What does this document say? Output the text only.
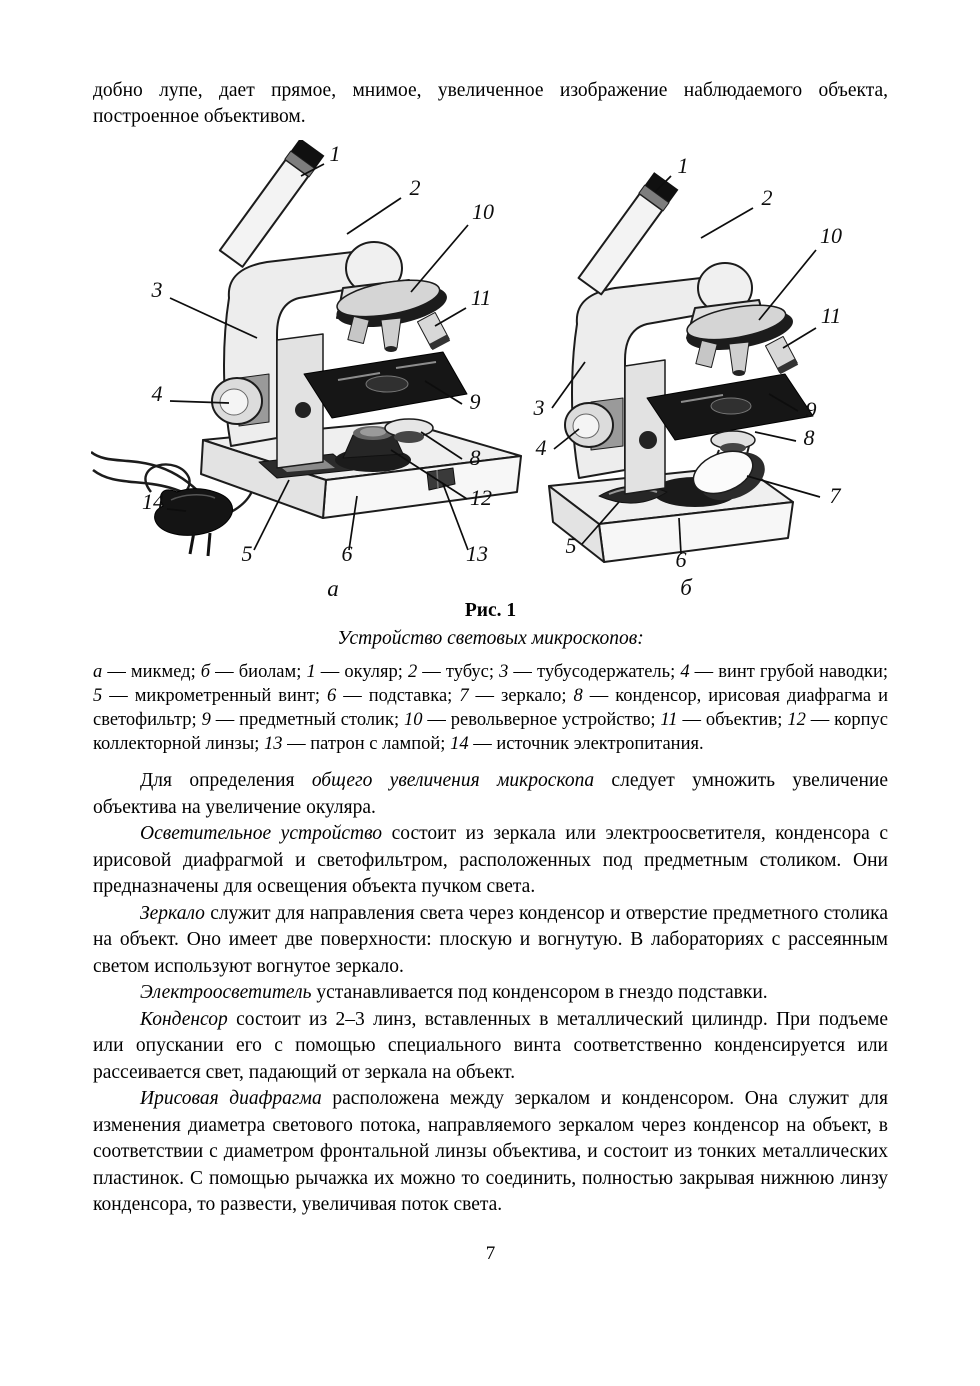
добно лупе, дает прямое, мнимое, увеличенное изображение наблюдаемого объекта, построенное объективом.

1
2
10
11
3
4	9
8
12
13
14
5	6
а
1
2
10
11
3
4
9
8
7
5
6
б

Рис. 1

Устройство световых микроскопов:

а — микмед; б — биолам; 1 — окуляр; 2 — тубус; 3 — тубусодержатель; 4 — винт грубой наводки; 5 — микрометренный винт; 6 — подставка; 7 — зеркало; 8 — конденсор, ирисовая диафрагма и светофильтр; 9 — предметный столик; 10 — револьверное устройство; 11 — объектив; 12 — корпус коллекторной линзы; 13 — патрон с лампой; 14 — источник электропитания.

Для определения общего увеличения микроскопа следует умножить увеличение объектива на увеличение окуляра.

Осветительное устройство состоит из зеркала или электроосветителя, конденсора с ирисовой диафрагмой и светофильтром, расположенных под предметным столиком. Они предназначены для освещения объекта пучком света.

Зеркало служит для направления света через конденсор и отверстие предметного столика на объект. Оно имеет две поверхности: плоскую и вогнутую. В лабораториях с рассеянным светом используют вогнутое зеркало.

Электроосветитель устанавливается под конденсором в гнездо подставки.

Конденсор состоит из 2–3 линз, вставленных в металлический цилиндр. При подъеме или опускании его с помощью специального винта соответственно конденсируется или рассеивается свет, падающий от зеркала на объект.

Ирисовая диафрагма расположена между зеркалом и конденсором. Она служит для изменения диаметра светового потока, направляемого зеркалом через конденсор на объект, в соответствии с диаметром фронтальной линзы объектива, и состоит из тонких металлических пластинок. С помощью рычажка их можно то соединить, полностью закрывая нижнюю линзу конденсора, то развести, увеличивая поток света.

7
